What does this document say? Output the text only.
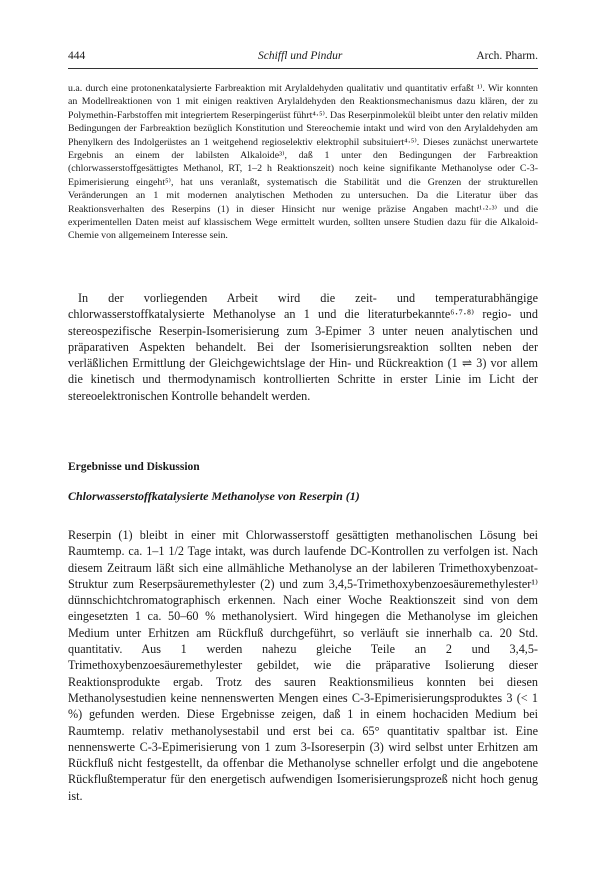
444	Schiffl und Pindur	Arch. Pharm.

u.a. durch eine protonenkatalysierte Farbreaktion mit Arylaldehyden qualitativ und quantitativ erfaßt ¹⁾. Wir konnten an Modellreaktionen von 1 mit einigen reaktiven Arylaldehyden den Reaktionsmechanismus dazu klären, der zu Polymethin-Farbstoffen mit integriertem Reserpingerüst führt⁴·⁵⁾. Das Reserpinmolekül bleibt unter den relativ milden Bedingungen der Farbreaktion bezüglich Konstitution und Stereochemie intakt und wird von den Arylaldehyden am Phenylkern des Indolgerüstes an 1 weitgehend regioselektiv elektrophil subsituiert⁴·⁵⁾. Dieses zunächst unerwartete Ergebnis an einem der labilsten Alkaloide³⁾, daß 1 unter den Bedingungen der Farbreaktion (chlorwasserstoffgesättigtes Methanol, RT, 1–2 h Reaktionszeit) noch keine signifikante Methanolyse oder C-3-Epimerisierung eingeht⁵⁾, hat uns veranlaßt, systematisch die Stabilität und die Grenzen der strukturellen Veränderungen an 1 mit modernen analytischen Methoden zu untersuchen. Da die Literatur über das Reaktionsverhalten des Reserpins (1) in dieser Hinsicht nur wenige präzise Angaben macht¹·²·³⁾ und die experimentellen Daten meist auf klassischem Wege ermittelt wurden, sollten unsere Studien dazu für die Alkaloid-Chemie von allgemeinem Interesse sein.

In der vorliegenden Arbeit wird die zeit- und temperaturabhängige chlorwasserstoffkatalysierte Methanolyse an 1 und die literaturbekannte⁶·⁷·⁸⁾ regio- und stereospezifische Reserpin-Isomerisierung zum 3-Epimer 3 unter neuen analytischen und präparativen Aspekten behandelt. Bei der Isomerisierungsreaktion sollten neben der verläßlichen Ermittlung der Gleichgewichtslage der Hin- und Rückreaktion (1 ⇌ 3) vor allem die kinetisch und thermodynamisch kontrollierten Schritte in erster Linie im Licht der stereoelektronischen Kontrolle behandelt werden.

Ergebnisse und Diskussion
Chlorwasserstoffkatalysierte Methanolyse von Reserpin (1)

Reserpin (1) bleibt in einer mit Chlorwasserstoff gesättigten methanolischen Lösung bei Raumtemp. ca. 1–1 1/2 Tage intakt, was durch laufende DC-Kontrollen zu verfolgen ist. Nach diesem Zeitraum läßt sich eine allmähliche Methanolyse an der labileren Trimethoxybenzoat-Struktur zum Reserpsäuremethylester (2) und zum 3,4,5-Trimethoxybenzoesäuremethylester¹⁾ dünnschichtchromatographisch erkennen. Nach einer Woche Reaktionszeit sind von dem eingesetzten 1 ca. 50–60 % methanolysiert. Wird hingegen die Methanolyse im gleichen Medium unter Erhitzen am Rückfluß durchgeführt, so verläuft sie innerhalb ca. 20 Std. quantitativ. Aus 1 werden nahezu gleiche Teile an 2 und 3,4,5-Trimethoxybenzoesäuremethylester gebildet, wie die präparative Isolierung dieser Reaktionsprodukte ergab. Trotz des sauren Reaktionsmilieus konnten bei diesen Methanolysestudien keine nennenswerten Mengen eines C-3-Epimerisierungsproduktes 3 (< 1 %) gefunden werden. Diese Ergebnisse zeigen, daß 1 in einem hochaciden Medium bei Raumtemp. relativ methanolysestabil und erst bei ca. 65° quantitativ spaltbar ist. Eine nennenswerte C-3-Epimerisierung von 1 zum 3-Isoreserpin (3) wird selbst unter Erhitzen am Rückfluß nicht festgestellt, da offenbar die Methanolyse schneller erfolgt und die angebotene Rückflußtemperatur für den energetisch aufwendigen Isomerisierungsprozeß nicht hoch genug ist.
